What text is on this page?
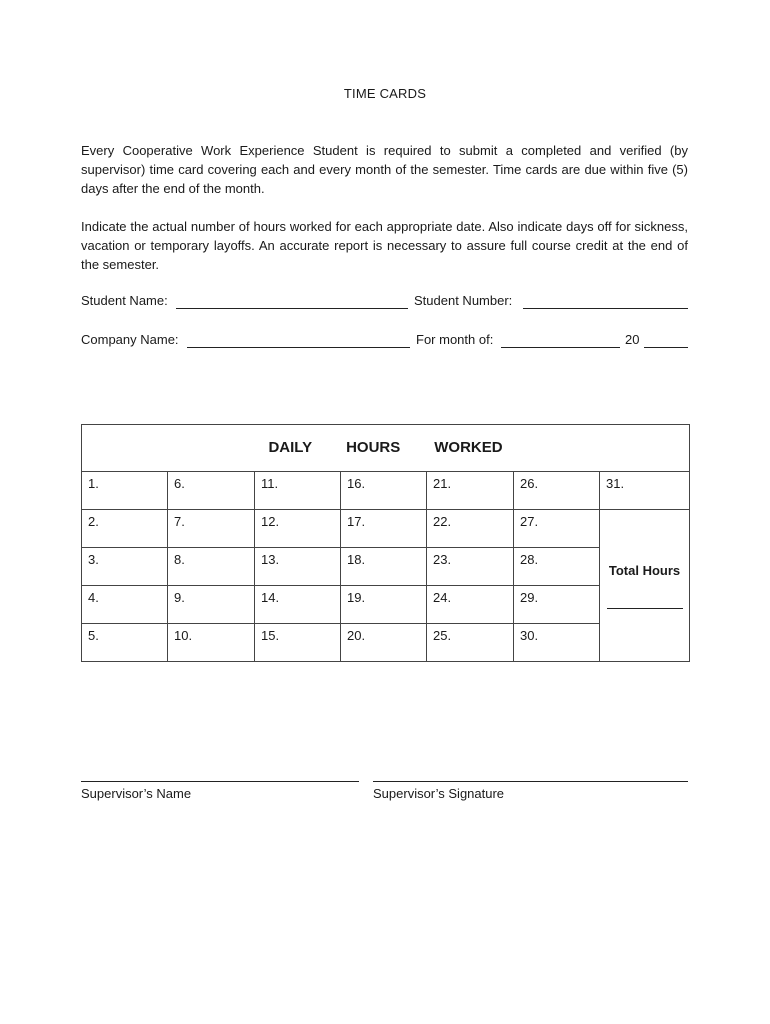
TIME CARDS
Every Cooperative Work Experience Student is required to submit a completed and verified (by supervisor) time card covering each and every month of the semester. Time cards are due within five (5) days after the end of the month.
Indicate the actual number of hours worked for each appropriate date. Also indicate days off for sickness, vacation or temporary layoffs. An accurate report is necessary to assure full course credit at the end of the semester.
Student Name:	Student Number:
Company Name:	For month of:	20
DAILY HOURS WORKED						
1.	6.	11.	16.	21.	26.	31.
2.	7.	12.	17.	22.	27.	Total Hours

3.	8.	13.	18.	23.	28.	
4.	9.	14.	19.	24.	29.	
5.	10.	15.	20.	25.	30.	
Supervisor’s Name	Supervisor’s Signature
